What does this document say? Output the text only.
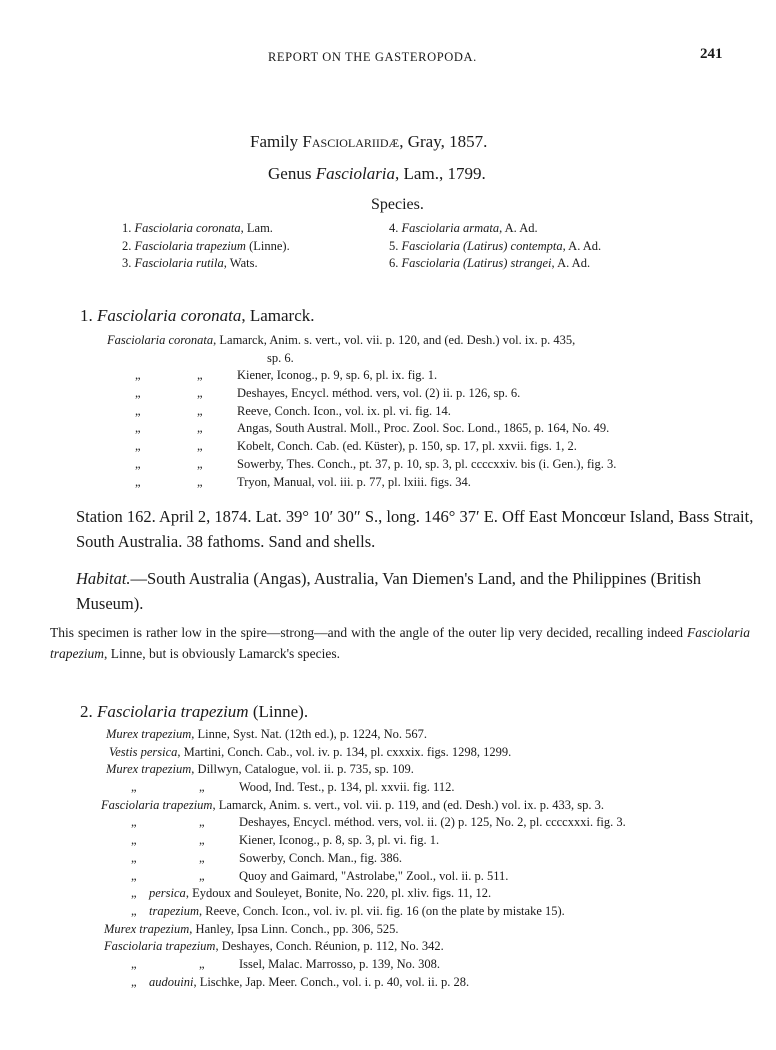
REPORT ON THE GASTEROPODA.	241
Family Fasciolariidæ, Gray, 1857.
Genus Fasciolaria, Lam., 1799.
Species.
1. Fasciolaria coronata, Lam.
2. Fasciolaria trapezium (Linne).
3. Fasciolaria rutila, Wats.
4. Fasciolaria armata, A. Ad.
5. Fasciolaria (Latirus) contempta, A. Ad.
6. Fasciolaria (Latirus) strangei, A. Ad.
1. Fasciolaria coronata, Lamarck.
Fasciolaria coronata, Lamarck, Anim. s. vert., vol. vii. p. 120, and (ed. Desh.) vol. ix. p. 435,
sp. 6.
„	„	Kiener, Iconog., p. 9, sp. 6, pl. ix. fig. 1.
„	„	Deshayes, Encycl. méthod. vers, vol. (2) ii. p. 126, sp. 6.
„	„	Reeve, Conch. Icon., vol. ix. pl. vi. fig. 14.
„	„	Angas, South Austral. Moll., Proc. Zool. Soc. Lond., 1865, p. 164, No. 49.
„	„	Kobelt, Conch. Cab. (ed. Küster), p. 150, sp. 17, pl. xxvii. figs. 1, 2.
„	„	Sowerby, Thes. Conch., pt. 37, p. 10, sp. 3, pl. ccccxxiv. bis (i. Gen.), fig. 3.
„	„	Tryon, Manual, vol. iii. p. 77, pl. lxiii. figs. 34.
Station 162. April 2, 1874. Lat. 39° 10′ 30″ S., long. 146° 37′ E. Off East Moncœur Island, Bass Strait, South Australia. 38 fathoms. Sand and shells.
Habitat.—South Australia (Angas), Australia, Van Diemen's Land, and the Philippines (British Museum).
This specimen is rather low in the spire—strong—and with the angle of the outer lip very decided, recalling indeed Fasciolaria trapezium, Linne, but is obviously Lamarck's species.
2. Fasciolaria trapezium (Linne).
Murex trapezium, Linne, Syst. Nat. (12th ed.), p. 1224, No. 567.
Vestis persica, Martini, Conch. Cab., vol. iv. p. 134, pl. cxxxix. figs. 1298, 1299.
Murex trapezium, Dillwyn, Catalogue, vol. ii. p. 735, sp. 109.
„	„	Wood, Ind. Test., p. 134, pl. xxvii. fig. 112.
Fasciolaria trapezium, Lamarck, Anim. s. vert., vol. vii. p. 119, and (ed. Desh.) vol. ix. p. 433, sp. 3.
„	„	Deshayes, Encycl. méthod. vers, vol. ii. (2) p. 125, No. 2, pl. ccccxxxi. fig. 3.
„	„	Kiener, Iconog., p. 8, sp. 3, pl. vi. fig. 1.
„	„	Sowerby, Conch. Man., fig. 386.
„	„	Quoy and Gaimard, "Astrolabe," Zool., vol. ii. p. 511.
„ persica, Eydoux and Souleyet, Bonite, No. 220, pl. xliv. figs. 11, 12.
„ trapezium, Reeve, Conch. Icon., vol. iv. pl. vii. fig. 16 (on the plate by mistake 15).
Murex trapezium, Hanley, Ipsa Linn. Conch., pp. 306, 525.
Fasciolaria trapezium, Deshayes, Conch. Réunion, p. 112, No. 342.
„	„	Issel, Malac. Marrosso, p. 139, No. 308.
„ audouini, Lischke, Jap. Meer. Conch., vol. i. p. 40, vol. ii. p. 28.
